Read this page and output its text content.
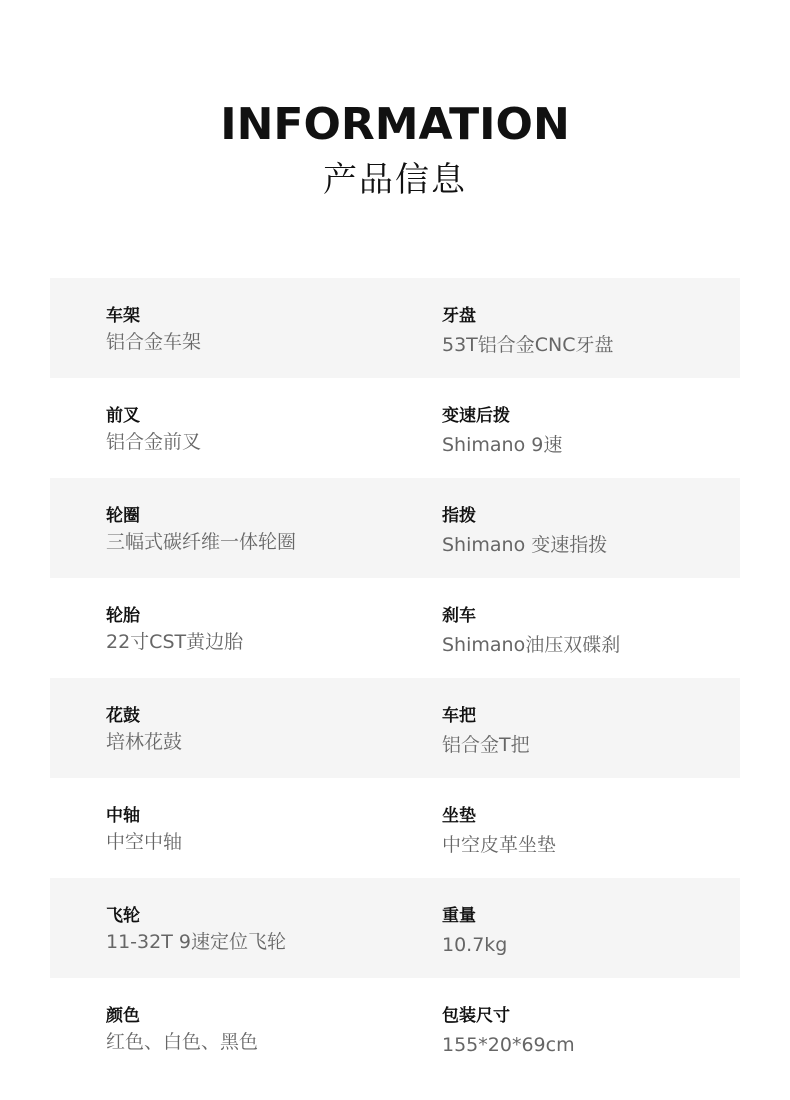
INFORMATION
产品信息
车架
铝合金车架
牙盘
53T铝合金CNC牙盘
前叉
铝合金前叉
变速后拨
Shimano 9速
轮圈
三幅式碳纤维一体轮圈
指拨
Shimano 变速指拨
轮胎
22寸CST黄边胎
刹车
Shimano油压双碟刹
花鼓
培林花鼓
车把
铝合金T把
中轴
中空中轴
坐垫
中空皮革坐垫
飞轮
11-32T 9速定位飞轮
重量
10.7kg
颜色
红色、白色、黑色
包装尺寸
155*20*69cm
